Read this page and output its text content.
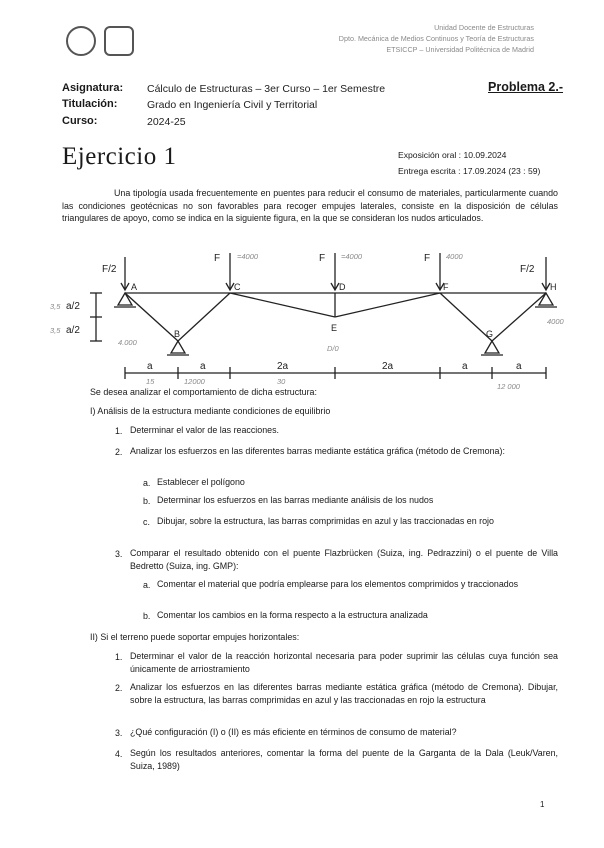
Unidad Docente de Estructuras
Dpto. Mecánica de Medios Continuos y Teoría de Estructuras
ETSICCP – Universidad Politécnica de Madrid
Asignatura: Cálculo de Estructuras – 3er Curso – 1er Semestre
Titulación:	Grado en Ingeniería Civil y Territorial
Curso:	2024-25
Problema 2.-
Ejercicio 1	Exposición oral : 10.09.2024
Entrega escrita : 17.09.2024 (23 : 59)
Una tipología usada frecuentemente en puentes para reducir el consumo de materiales, particularmente cuando las condiciones geotécnicas no son favorables para recoger empujes laterales, consiste en la disposición de células triangulares de apoyo, como se indica en la siguiente figura, en la que se consideran los nudos articulados.
F/2
F	F	F
F/2
A
B
C	D
E
F
G
H
a/2
a/2
a	a	2a	2a	a	a
=4000	=4000	4000
3,5
3,5
4.000
4000
12000
12 000
15	30
D/0
Se desea analizar el comportamiento de dicha estructura:
I) Análisis de la estructura mediante condiciones de equilibrio
1. Determinar el valor de las reacciones.
2. Analizar los esfuerzos en las diferentes barras mediante estática gráfica (método de Cremona):
a. Establecer el polígono
b. Determinar los esfuerzos en las barras mediante análisis de los nudos
c. Dibujar, sobre la estructura, las barras comprimidas en azul y las traccionadas en rojo
3. Comparar el resultado obtenido con el puente Flazbrücken (Suiza, ing. Pedrazzini) o el puente de Villa Bedretto (Suiza, ing. GMP):
a. Comentar el material que podría emplearse para los elementos comprimidos y traccionados
b. Comentar los cambios en la forma respecto a la estructura analizada
II) Si el terreno puede soportar empujes horizontales:
1. Determinar el valor de la reacción horizontal necesaria para poder suprimir las células cuya función sea únicamente de arriostramiento
2. Analizar los esfuerzos en las diferentes barras mediante estática gráfica (método de Cremona). Dibujar, sobre la estructura, las barras comprimidas en azul y las traccionadas en rojo la estructura
3. ¿Qué configuración (I) o (II) es más eficiente en términos de consumo de material?
4. Según los resultados anteriores, comentar la forma del puente de la Garganta de la Dala (Leuk/Varen, Suiza, 1989)
1
